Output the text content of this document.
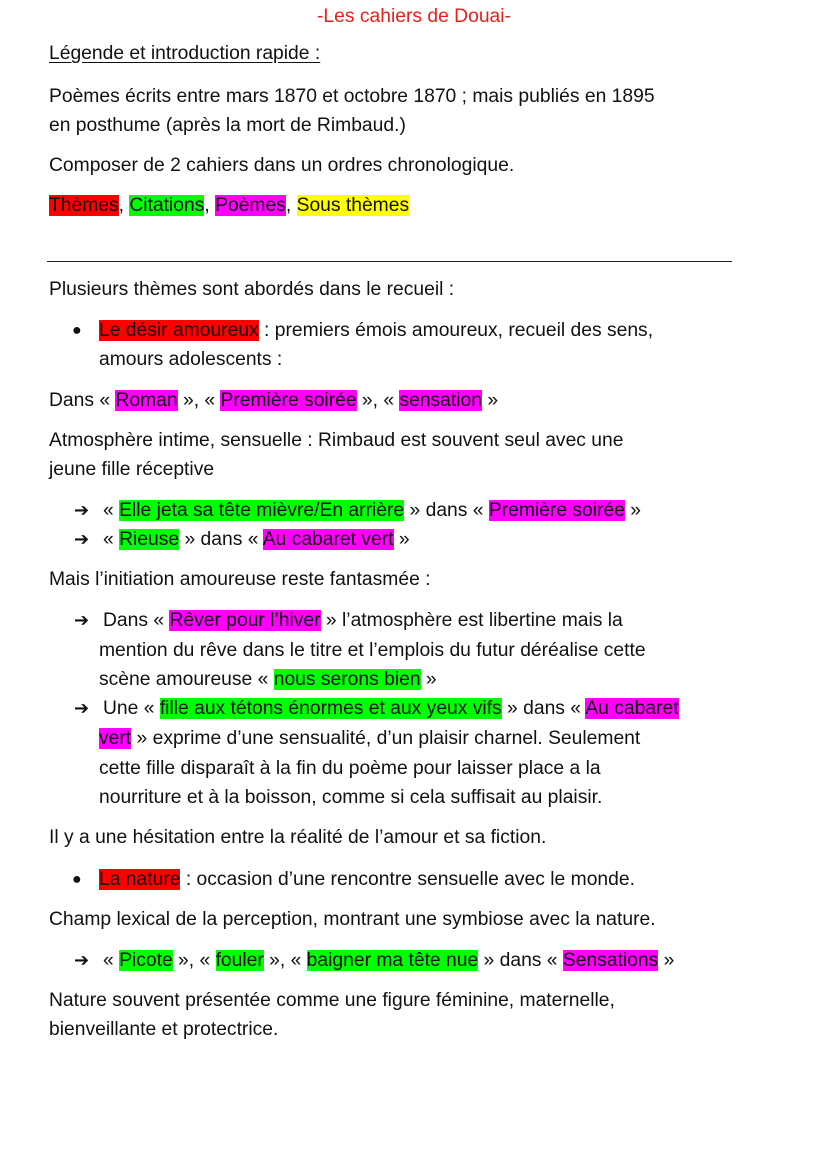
-Les cahiers de Douai-
Légende et introduction rapide :
Poèmes écrits entre mars 1870 et octobre 1870 ; mais publiés en 1895
en posthume (après la mort de Rimbaud.)
Composer de 2 cahiers dans un ordres chronologique.
Thèmes, Citations, Poèmes, Sous thèmes
Plusieurs thèmes sont abordés dans le recueil :
● Le désir amoureux : premiers émois amoureux, recueil des sens,
amours adolescents :
Dans « Roman », « Première soirée », « sensation »
Atmosphère intime, sensuelle : Rimbaud est souvent seul avec une
jeune fille réceptive
➔ « Elle jeta sa tête mièvre/En arrière » dans « Première soirée »
➔ « Rieuse » dans « Au cabaret vert »
Mais l’initiation amoureuse reste fantasmée :
➔ Dans « Rêver pour l’hiver » l’atmosphère est libertine mais la
mention du rêve dans le titre et l’emplois du futur déréalise cette
scène amoureuse « nous serons bien »
➔ Une « fille aux tétons énormes et aux yeux vifs » dans « Au cabaret
vert » exprime d’une sensualité, d’un plaisir charnel. Seulement
cette fille disparaît à la fin du poème pour laisser place a la
nourriture et à la boisson, comme si cela suffisait au plaisir.
Il y a une hésitation entre la réalité de l’amour et sa fiction.
● La nature : occasion d’une rencontre sensuelle avec le monde.
Champ lexical de la perception, montrant une symbiose avec la nature.
➔ « Picote », « fouler », « baigner ma tête nue » dans « Sensations »
Nature souvent présentée comme une figure féminine, maternelle,
bienveillante et protectrice.
